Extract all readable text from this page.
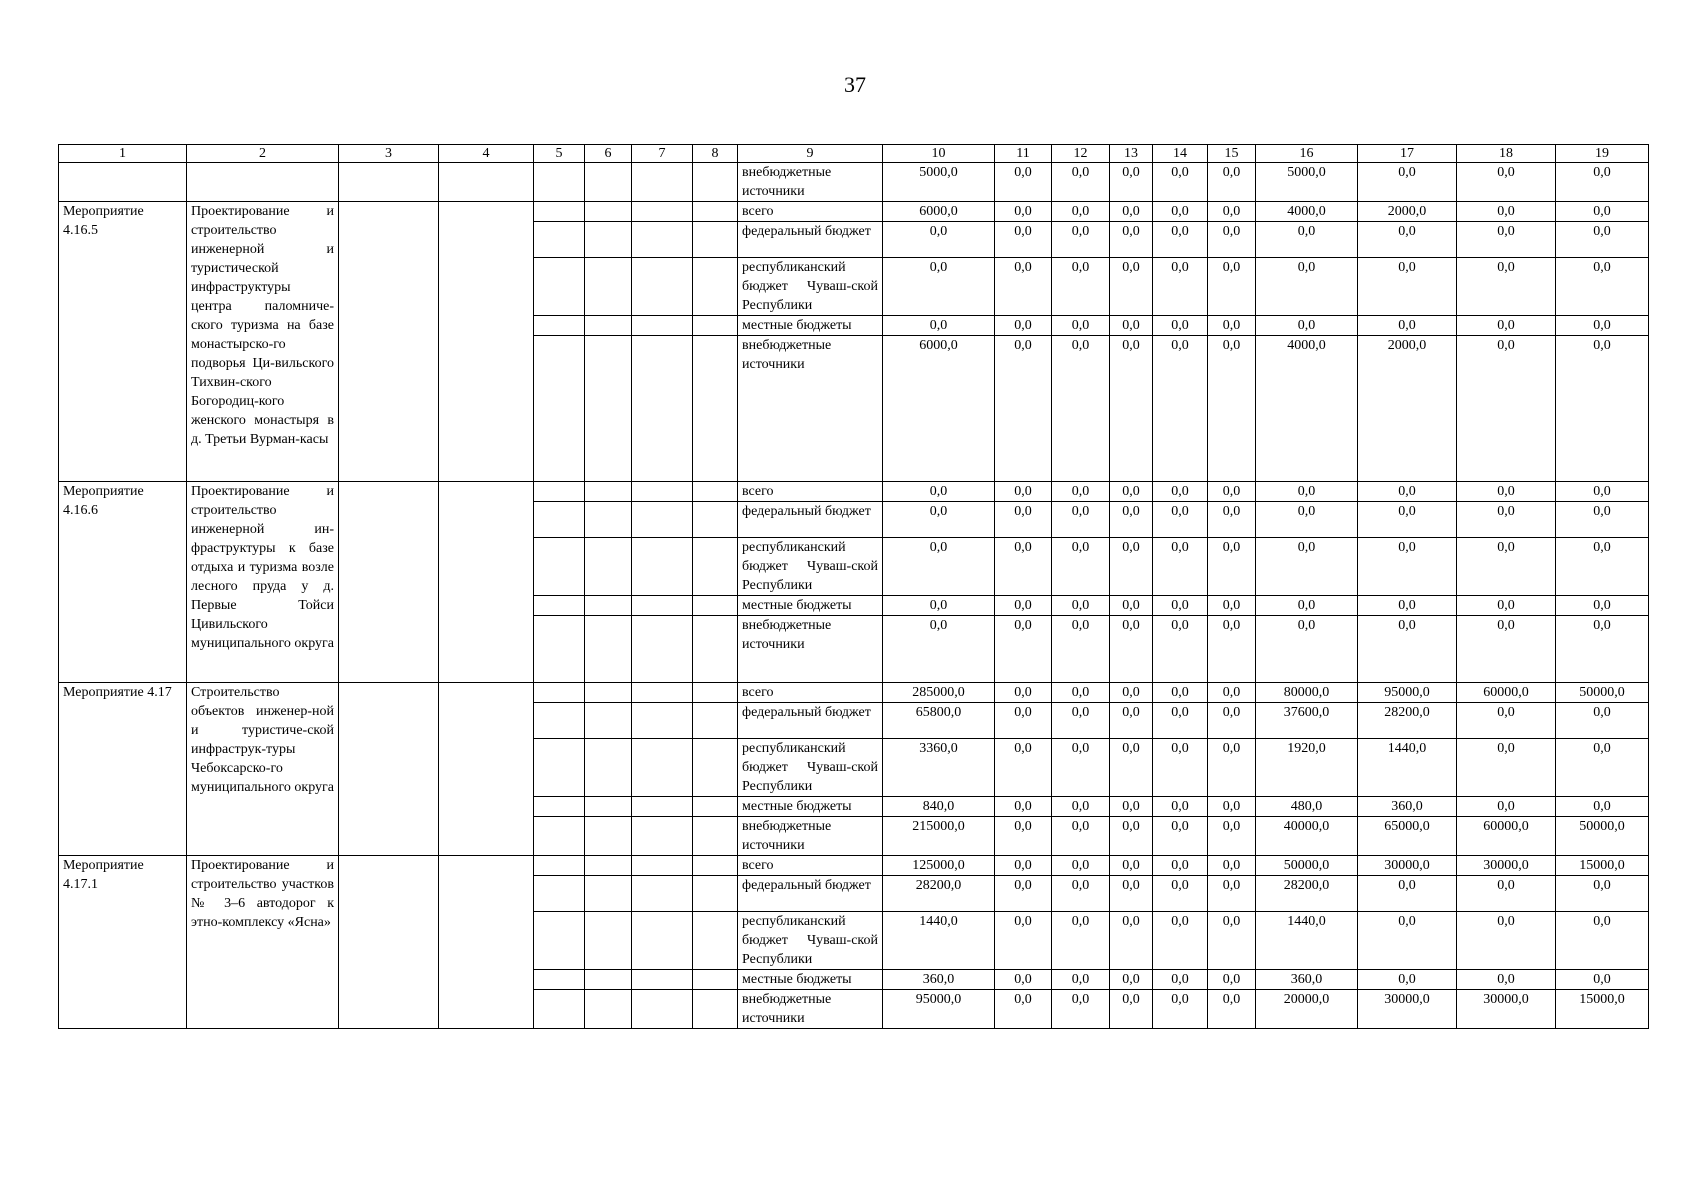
37
1	2	3	4	5	6	7	8	9	10	11	12	13	14	15	16	17	18	19
								внебюджетные источники	5000,0	0,0	0,0	0,0	0,0	0,0	5000,0	0,0	0,0	0,0
Мероприятие 4.16.5	Проектирование и строительство инженерной и туристической инфраструктуры центра паломниче-ского туризма на базе монастырско-го подворья Ци-вильского Тихвин-ского Богородиц-кого женского монастыря в д. Третьи Вурман-касы							всего	6000,0	0,0	0,0	0,0	0,0	0,0	4000,0	2000,0	0,0	0,0
								федеральный бюджет	0,0	0,0	0,0	0,0	0,0	0,0	0,0	0,0	0,0	0,0
								республиканский бюджет Чуваш-ской Республики	0,0	0,0	0,0	0,0	0,0	0,0	0,0	0,0	0,0	0,0
								местные бюджеты	0,0	0,0	0,0	0,0	0,0	0,0	0,0	0,0	0,0	0,0
								внебюджетные источники	6000,0	0,0	0,0	0,0	0,0	0,0	4000,0	2000,0	0,0	0,0
Мероприятие 4.16.6	Проектирование и строительство инженерной ин-фраструктуры к базе отдыха и туризма возле лесного пруда у д. Первые Тойси Цивильского муниципального округа							всего	0,0	0,0	0,0	0,0	0,0	0,0	0,0	0,0	0,0	0,0
								федеральный бюджет	0,0	0,0	0,0	0,0	0,0	0,0	0,0	0,0	0,0	0,0
								республиканский бюджет Чуваш-ской Республики	0,0	0,0	0,0	0,0	0,0	0,0	0,0	0,0	0,0	0,0
								местные бюджеты	0,0	0,0	0,0	0,0	0,0	0,0	0,0	0,0	0,0	0,0
								внебюджетные источники	0,0	0,0	0,0	0,0	0,0	0,0	0,0	0,0	0,0	0,0
Мероприятие 4.17	Строительство объектов инженер-ной и туристиче-ской инфраструк-туры Чебоксарско-го муниципального округа							всего	285000,0	0,0	0,0	0,0	0,0	0,0	80000,0	95000,0	60000,0	50000,0
								федеральный бюджет	65800,0	0,0	0,0	0,0	0,0	0,0	37600,0	28200,0	0,0	0,0
								республиканский бюджет Чуваш-ской Республики	3360,0	0,0	0,0	0,0	0,0	0,0	1920,0	1440,0	0,0	0,0
								местные бюджеты	840,0	0,0	0,0	0,0	0,0	0,0	480,0	360,0	0,0	0,0
								внебюджетные источники	215000,0	0,0	0,0	0,0	0,0	0,0	40000,0	65000,0	60000,0	50000,0
Мероприятие 4.17.1	Проектирование и строительство участков № 3–6 автодорог к этно-комплексу «Ясна»							всего	125000,0	0,0	0,0	0,0	0,0	0,0	50000,0	30000,0	30000,0	15000,0
								федеральный бюджет	28200,0	0,0	0,0	0,0	0,0	0,0	28200,0	0,0	0,0	0,0
								республиканский бюджет Чуваш-ской Республики	1440,0	0,0	0,0	0,0	0,0	0,0	1440,0	0,0	0,0	0,0
								местные бюджеты	360,0	0,0	0,0	0,0	0,0	0,0	360,0	0,0	0,0	0,0
								внебюджетные источники	95000,0	0,0	0,0	0,0	0,0	0,0	20000,0	30000,0	30000,0	15000,0
